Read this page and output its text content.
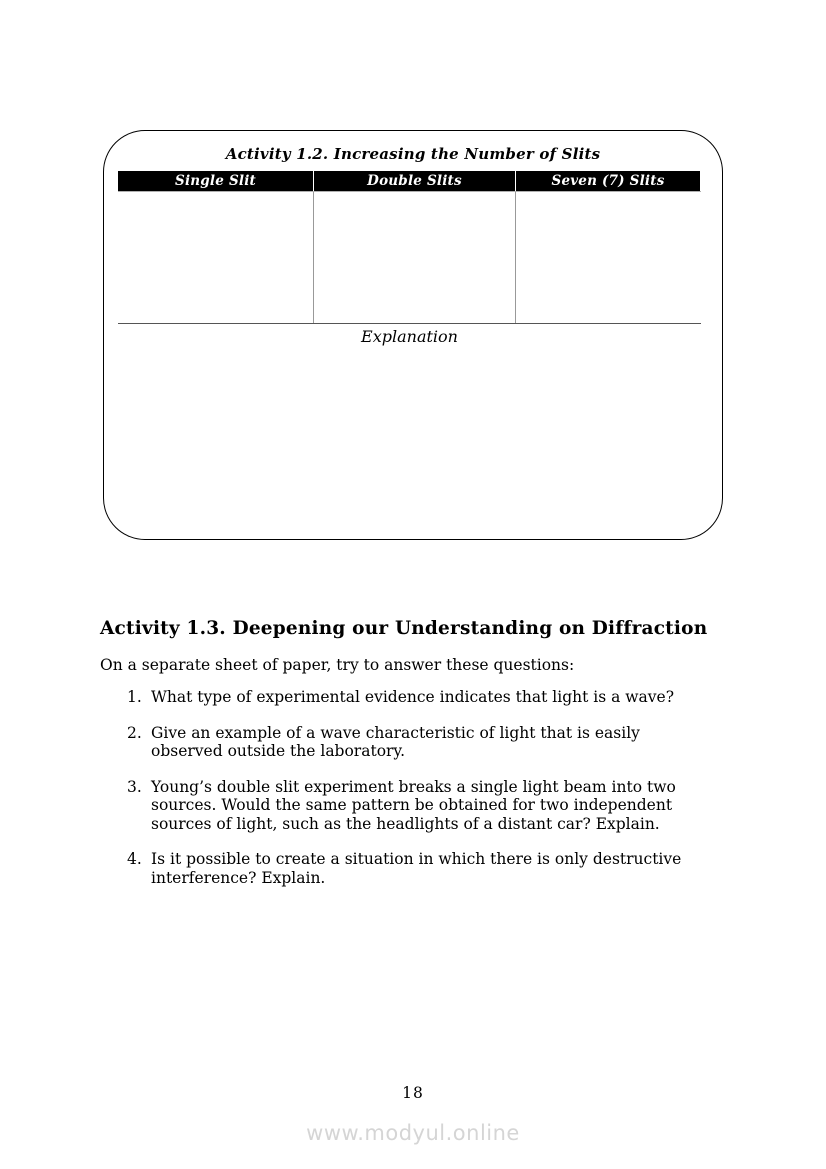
Activity 1.2. Increasing the Number of Slits
Single Slit	Double Slits	Seven (7) Slits
Explanation
Activity 1.3. Deepening our Understanding on Diffraction
On a separate sheet of paper, try to answer these questions:
1. What type of experimental evidence indicates that light is a wave?
2. Give an example of a wave characteristic of light that is easily observed outside the laboratory.
3. Young’s double slit experiment breaks a single light beam into two sources. Would the same pattern be obtained for two independent sources of light, such as the headlights of a distant car? Explain.
4. Is it possible to create a situation in which there is only destructive interference? Explain.
18
www.modyul.online
